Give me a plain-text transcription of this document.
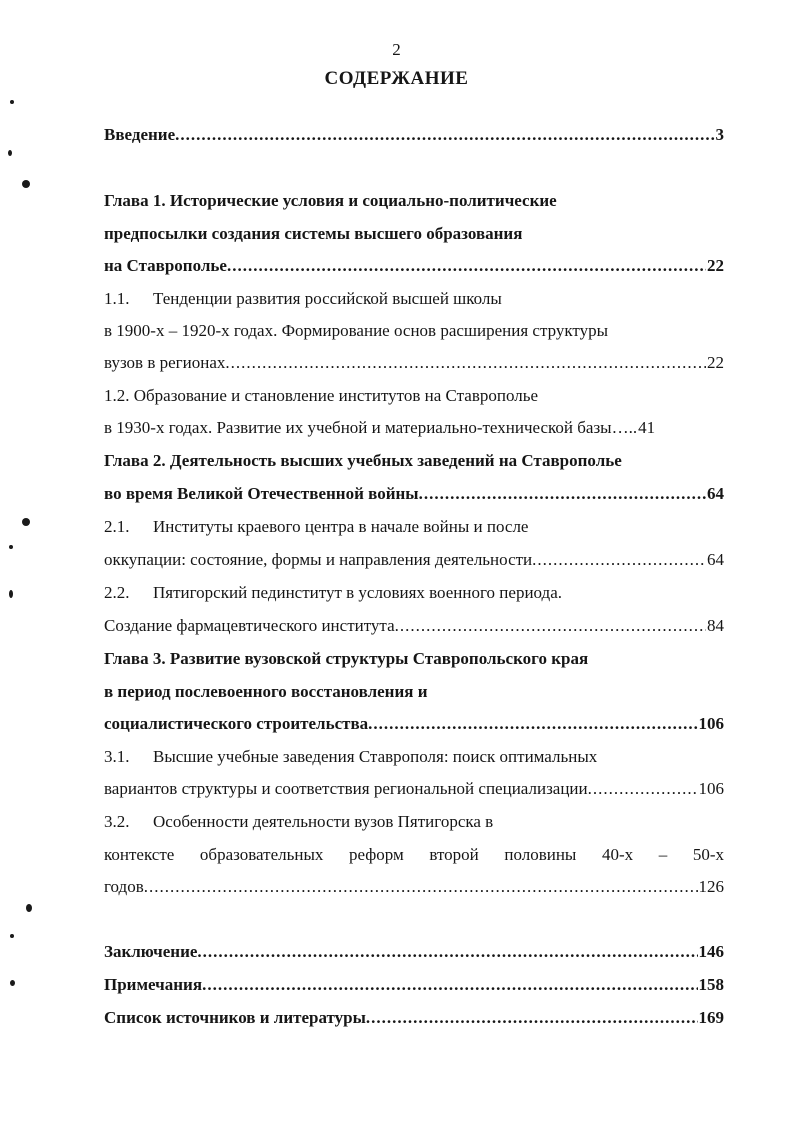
2
СОДЕРЖАНИЕ
Введение .....	3
Глава 1. Исторические условия и социально-политические
предпосылки создания системы высшего образования
на Ставрополье .....	22
1.1.	Тенденции развития российской высшей школы
в 1900-х – 1920-х годах. Формирование основ расширения структуры
вузов в регионах .....	22
1.2. Образование и становление институтов на Ставрополье
в 1930-х годах. Развитие их учебной и материально-технической базы….. 41
Глава 2. Деятельность высших учебных заведений на Ставрополье
во время Великой Отечественной войны .....	64
2.1.	Институты краевого центра в начале войны и после
оккупации: состояние, формы и направления деятельности .....	64
2.2.	Пятигорский пединститут в условиях военного периода.
Создание фармацевтического института .....	84
Глава 3. Развитие вузовской структуры Ставропольского края
в период послевоенного восстановления и
социалистического строительства .....	106
3.1.	Высшие учебные заведения Ставрополя: поиск оптимальных
вариантов структуры и соответствия региональной специализации .....	106
3.2.	Особенности деятельности вузов Пятигорска в
контексте образовательных реформ второй половины 40-х – 50-х
годов .....	126
Заключение .....	146
Примечания .....	158
Список источников и литературы .....	169
